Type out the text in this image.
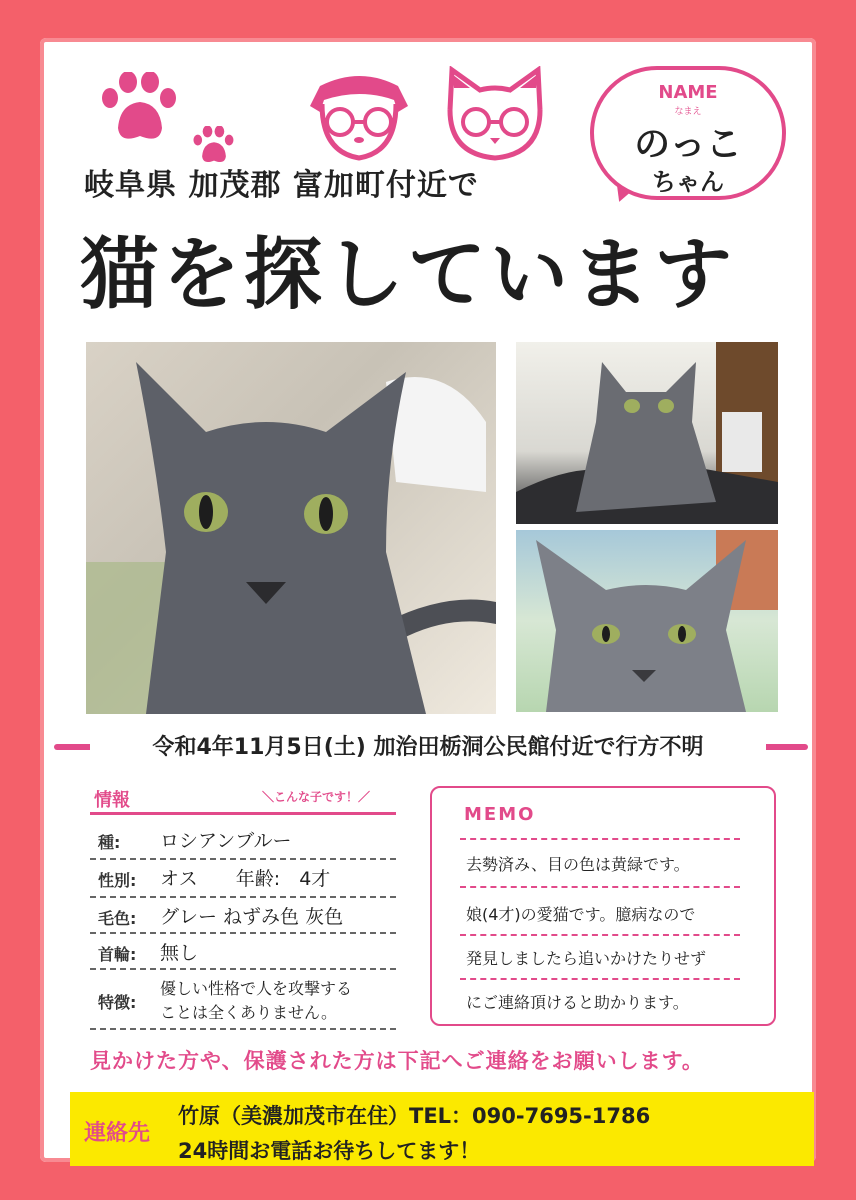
NAME
なまえ
のっこ
ちゃん
岐阜県 加茂郡 富加町付近で
猫を探しています
令和4年11月5日(土) 加治田栃洞公民館付近で行方不明
情報	＼こんな子です！／
種: ロシアンブルー
性別: オス　　年齢:　4才
毛色: グレー ねずみ色 灰色
首輪: 無し
特徴:
優しい性格で人を攻撃する
ことは全くありません。
MEMO
去勢済み、目の色は黄緑です。
娘(4才)の愛猫です。臆病なので
発見しましたら追いかけたりせず
にご連絡頂けると助かります。
見かけた方や、保護された方は下記へご連絡をお願いします。
連絡先
竹原（美濃加茂市在住）TEL：090-7695-1786
24時間お電話お待ちしてます！
